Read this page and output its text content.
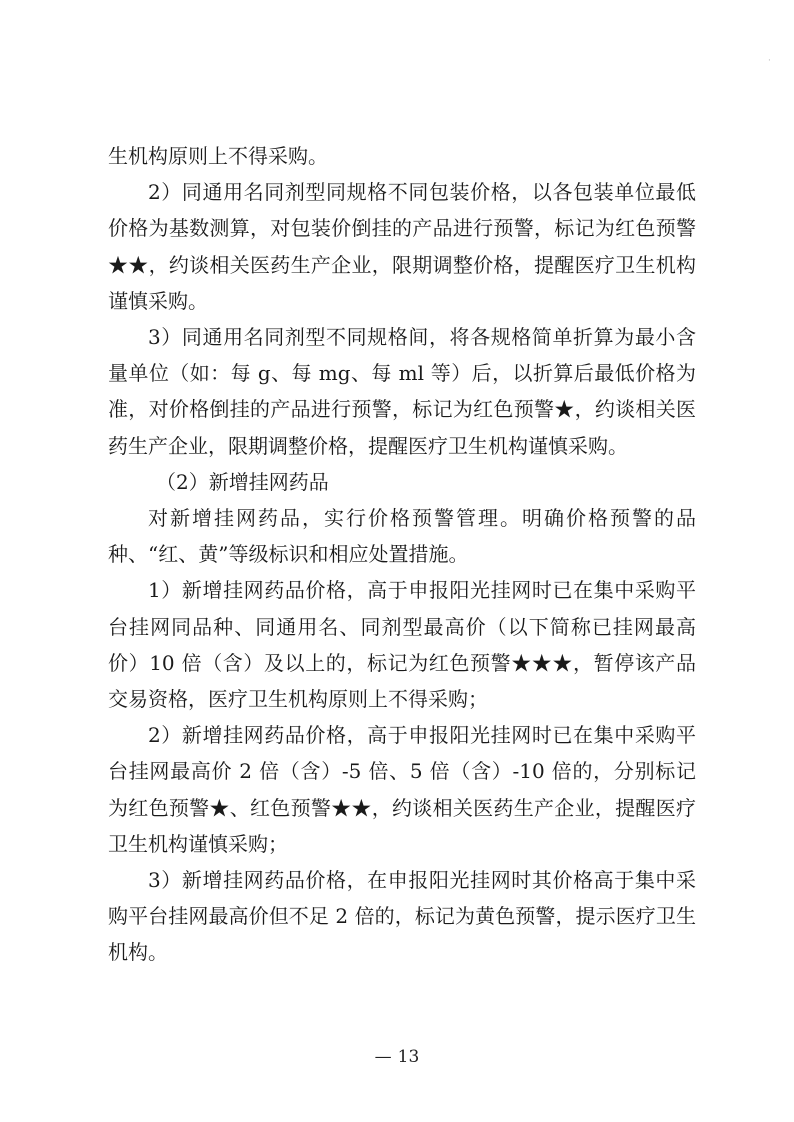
·

生机构原则上不得采购。

2）同通用名同剂型同规格不同包装价格，以各包装单位最低价格为基数测算，对包装价倒挂的产品进行预警，标记为红色预警★★，约谈相关医药生产企业，限期调整价格，提醒医疗卫生机构谨慎采购。

3）同通用名同剂型不同规格间，将各规格简单折算为最小含量单位（如：每 g、每 mg、每 ml 等）后，以折算后最低价格为准，对价格倒挂的产品进行预警，标记为红色预警★，约谈相关医药生产企业，限期调整价格，提醒医疗卫生机构谨慎采购。

（2）新增挂网药品

对新增挂网药品，实行价格预警管理。明确价格预警的品种、“红、黄”等级标识和相应处置措施。

1）新增挂网药品价格，高于申报阳光挂网时已在集中采购平台挂网同品种、同通用名、同剂型最高价（以下简称已挂网最高价）10 倍（含）及以上的，标记为红色预警★★★，暂停该产品交易资格，医疗卫生机构原则上不得采购；

2）新增挂网药品价格，高于申报阳光挂网时已在集中采购平台挂网最高价 2 倍（含）-5 倍、5 倍（含）-10 倍的，分别标记为红色预警★、红色预警★★，约谈相关医药生产企业，提醒医疗卫生机构谨慎采购；

3）新增挂网药品价格，在申报阳光挂网时其价格高于集中采购平台挂网最高价但不足 2 倍的，标记为黄色预警，提示医疗卫生机构。

— 13
